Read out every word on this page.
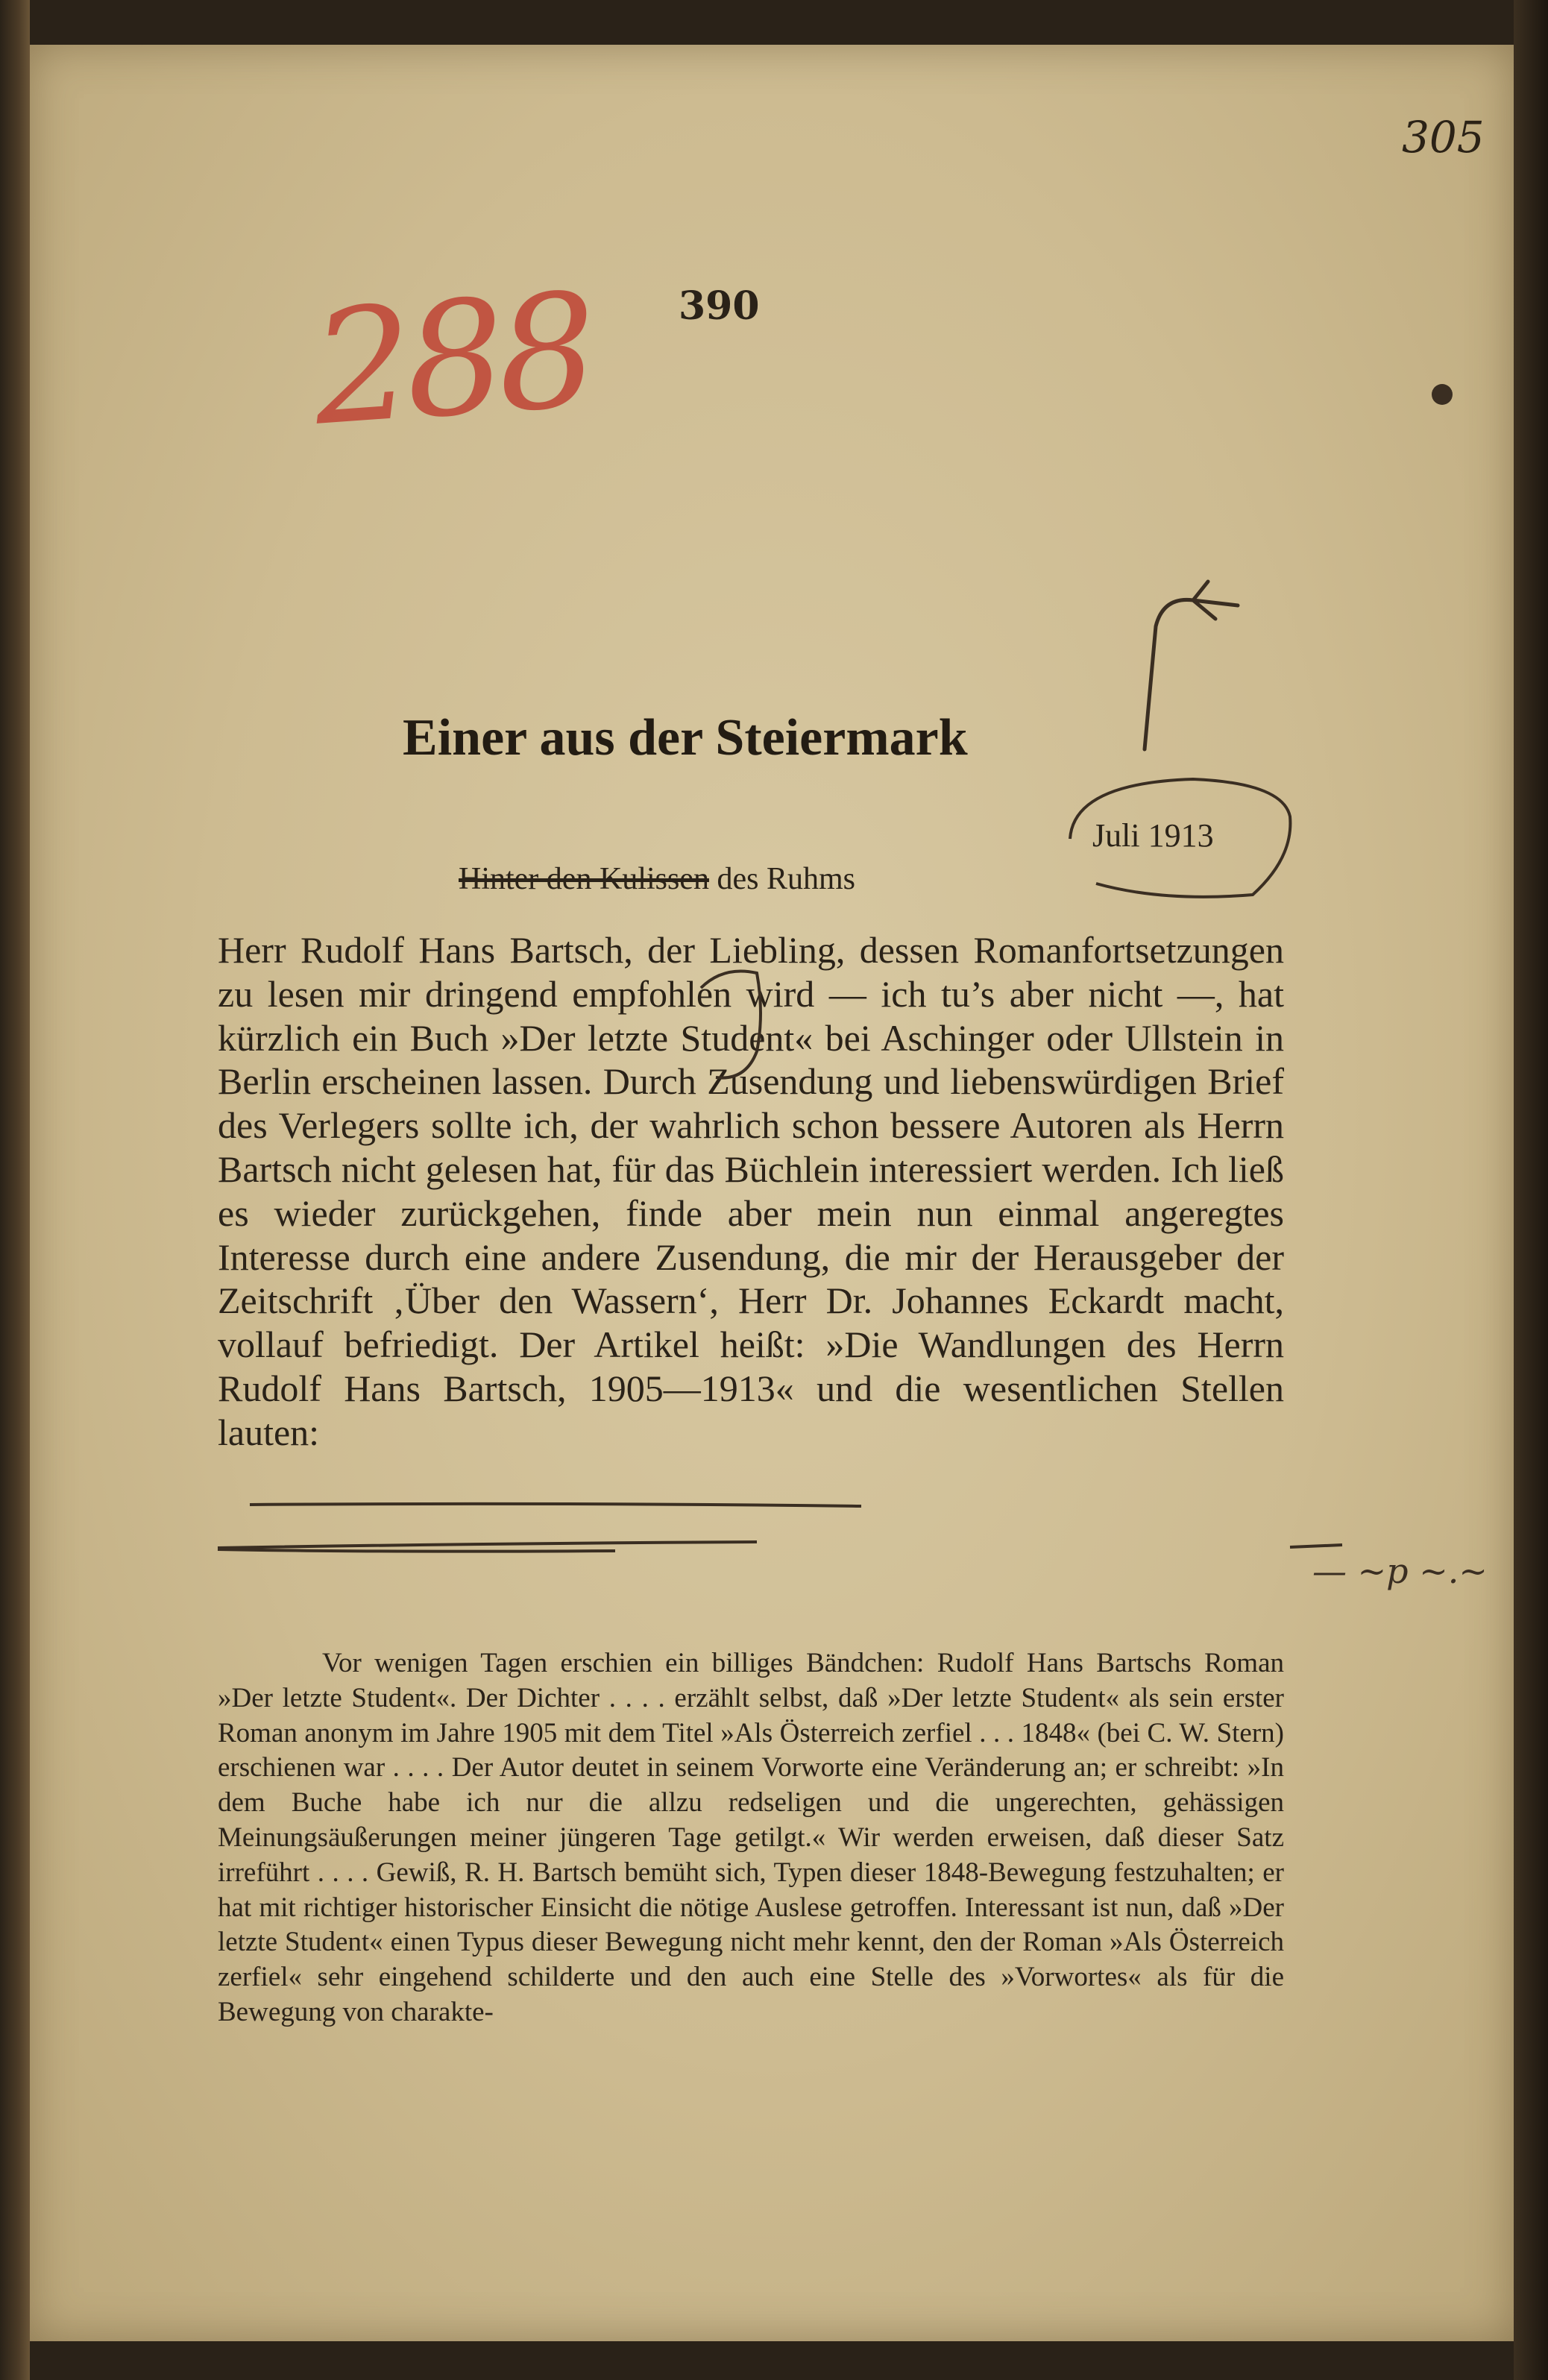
305
288 390
Einer aus der Steiermark
Hinter den Kulissen des Ruhms
Juli 1913
Herr Rudolf Hans Bartsch, der Liebling, dessen Romanfortsetzungen zu lesen mir dringend empfohlen wird — ich tu’s aber nicht —, hat kürzlich ein Buch »Der letzte Student« bei Aschinger oder Ullstein in Berlin erscheinen lassen. Durch Zusendung und liebenswürdigen Brief des Verlegers sollte ich, der wahrlich schon bessere Autoren als Herrn Bartsch nicht gelesen hat, für das Büchlein interessiert werden. Ich ließ es wieder zurückgehen, finde aber mein nun einmal angeregtes Interesse durch eine andere Zusendung, die mir der Herausgeber der Zeitschrift ‚Über den Wassern‘, Herr Dr. Johannes Eckardt macht, vollauf befriedigt. Der Artikel heißt: »Die Wandlungen des Herrn Rudolf Hans Bartsch, 1905—1913« und die wesentlichen Stellen lauten:
Vor wenigen Tagen erschien ein billiges Bändchen: Rudolf Hans Bartschs Roman »Der letzte Student«. Der Dichter . . . . erzählt selbst, daß »Der letzte Student« als sein erster Roman anonym im Jahre 1905 mit dem Titel »Als Österreich zerfiel . . . 1848« (bei C. W. Stern) erschienen war . . . . Der Autor deutet in seinem Vorworte eine Veränderung an; er schreibt: »In dem Buche habe ich nur die allzu redseligen und die ungerechten, gehässigen Meinungsäußerungen meiner jüngeren Tage getilgt.« Wir werden erweisen, daß dieser Satz irreführt . . . . Gewiß, R. H. Bartsch bemüht sich, Typen dieser 1848-Bewegung festzuhalten; er hat mit richtiger historischer Einsicht die nötige Auslese getroffen. Interessant ist nun, daß »Der letzte Student« einen Typus dieser Bewegung nicht mehr kennt, den der Roman »Als Österreich zerfiel« sehr eingehend schilderte und den auch eine Stelle des »Vorwortes« als für die Bewegung von charakte-
— ~p ~.~
